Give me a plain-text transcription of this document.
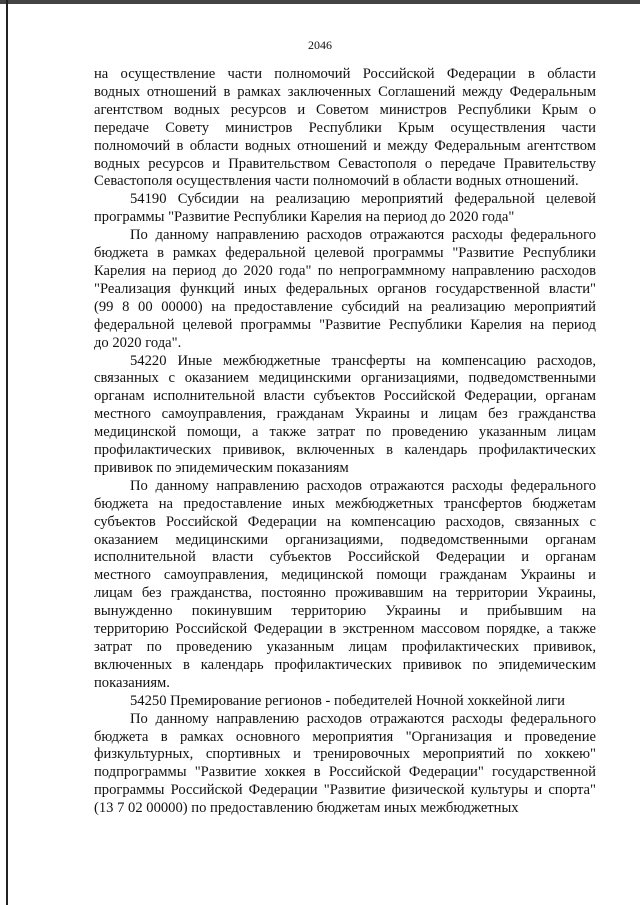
2046
на осуществление части полномочий Российской Федерации в области
водных отношений в рамках заключенных Соглашений между Федеральным
агентством водных ресурсов и Советом министров Республики Крым о
передаче Совету министров Республики Крым осуществления части
полномочий в области водных отношений и между Федеральным агентством
водных ресурсов и Правительством Севастополя о передаче Правительству
Севастополя осуществления части полномочий в области водных отношений.
54190 Субсидии на реализацию мероприятий федеральной целевой
программы "Развитие Республики Карелия на период до 2020 года"
По данному направлению расходов отражаются расходы федерального
бюджета в рамках федеральной целевой программы "Развитие Республики
Карелия на период до 2020 года" по непрограммному направлению расходов
"Реализация функций иных федеральных органов государственной власти"
(99 8 00 00000) на предоставление субсидий на реализацию мероприятий
федеральной целевой программы "Развитие Республики Карелия на период
до 2020 года".
54220 Иные межбюджетные трансферты на компенсацию расходов,
связанных с оказанием медицинскими организациями, подведомственными
органам исполнительной власти субъектов Российской Федерации, органам
местного самоуправления, гражданам Украины и лицам без гражданства
медицинской помощи, а также затрат по проведению указанным лицам
профилактических прививок, включенных в календарь профилактических
прививок по эпидемическим показаниям
По данному направлению расходов отражаются расходы федерального
бюджета на предоставление иных межбюджетных трансфертов бюджетам
субъектов Российской Федерации на компенсацию расходов, связанных с
оказанием медицинскими организациями, подведомственными органам
исполнительной власти субъектов Российской Федерации и органам
местного самоуправления, медицинской помощи гражданам Украины и
лицам без гражданства, постоянно проживавшим на территории Украины,
вынужденно покинувшим территорию Украины и прибывшим на
территорию Российской Федерации в экстренном массовом порядке, а также
затрат по проведению указанным лицам профилактических прививок,
включенных в календарь профилактических прививок по эпидемическим
показаниям.
54250 Премирование регионов - победителей Ночной хоккейной лиги
По данному направлению расходов отражаются расходы федерального
бюджета в рамках основного мероприятия "Организация и проведение
физкультурных, спортивных и тренировочных мероприятий по хоккею"
подпрограммы "Развитие хоккея в Российской Федерации" государственной
программы Российской Федерации "Развитие физической культуры и спорта"
(13 7 02 00000) по предоставлению бюджетам иных межбюджетных
